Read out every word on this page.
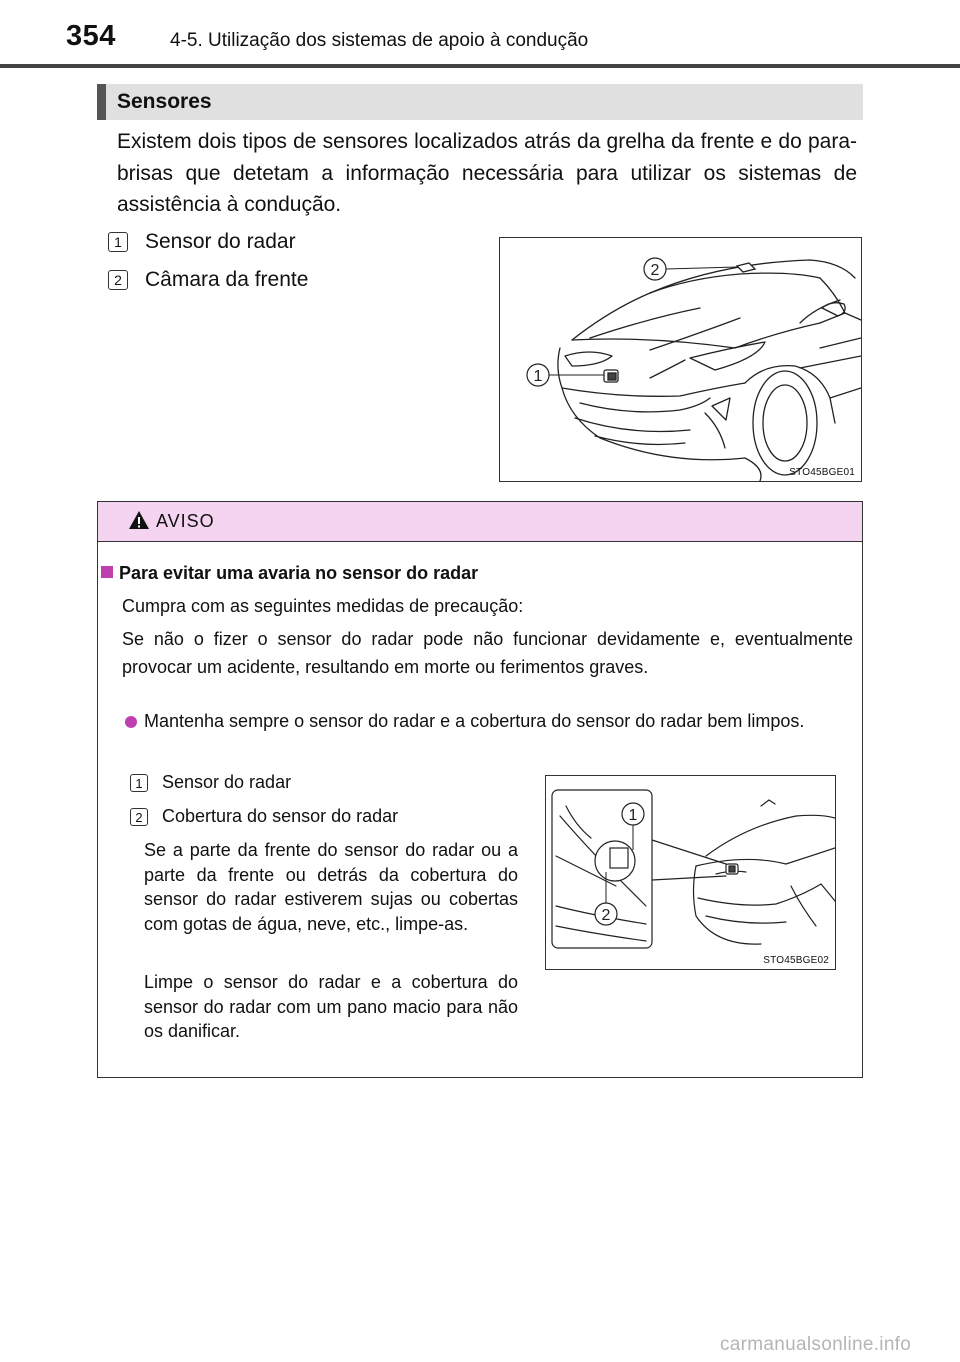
354	4-5. Utilização dos sistemas de apoio à condução
Sensores
Existem dois tipos de sensores localizados atrás da grelha da frente e do para-brisas que detetam a informação necessária para utilizar os sistemas de assistência à condução.
1 Sensor do radar
2 Câmara da frente
1
2
STO45BGE01
AVISO
Para evitar uma avaria no sensor do radar
Cumpra com as seguintes medidas de precaução:
Se não o fizer o sensor do radar pode não funcionar devidamente e, eventualmente provocar um acidente, resultando em morte ou ferimentos graves.
Mantenha sempre o sensor do radar e a cobertura do sensor do radar bem limpos.
1 Sensor do radar
2 Cobertura do sensor do radar
Se a parte da frente do sensor do radar ou a parte da frente ou detrás da cobertura do sensor do radar estiverem sujas ou cobertas com gotas de água, neve, etc., limpe-as.
Limpe o sensor do radar e a cobertura do sensor do radar com um pano macio para não os danificar.
1
2
STO45BGE02
carmanualsonline.info
